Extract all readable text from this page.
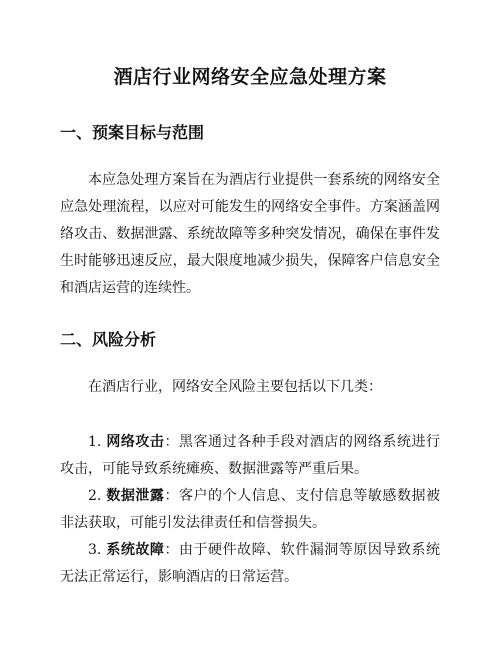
酒店行业网络安全应急处理方案
一、预案目标与范围

本应急处理方案旨在为酒店行业提供一套系统的网络安全应急处理流程，以应对可能发生的网络安全事件。方案涵盖网络攻击、数据泄露、系统故障等多种突发情况，确保在事件发生时能够迅速反应，最大限度地减少损失，保障客户信息安全和酒店运营的连续性。

二、风险分析

在酒店行业，网络安全风险主要包括以下几类：

1. 网络攻击：黑客通过各种手段对酒店的网络系统进行攻击，可能导致系统瘫痪、数据泄露等严重后果。

2. 数据泄露：客户的个人信息、支付信息等敏感数据被非法获取，可能引发法律责任和信誉损失。

3. 系统故障：由于硬件故障、软件漏洞等原因导致系统无法正常运行，影响酒店的日常运营。
